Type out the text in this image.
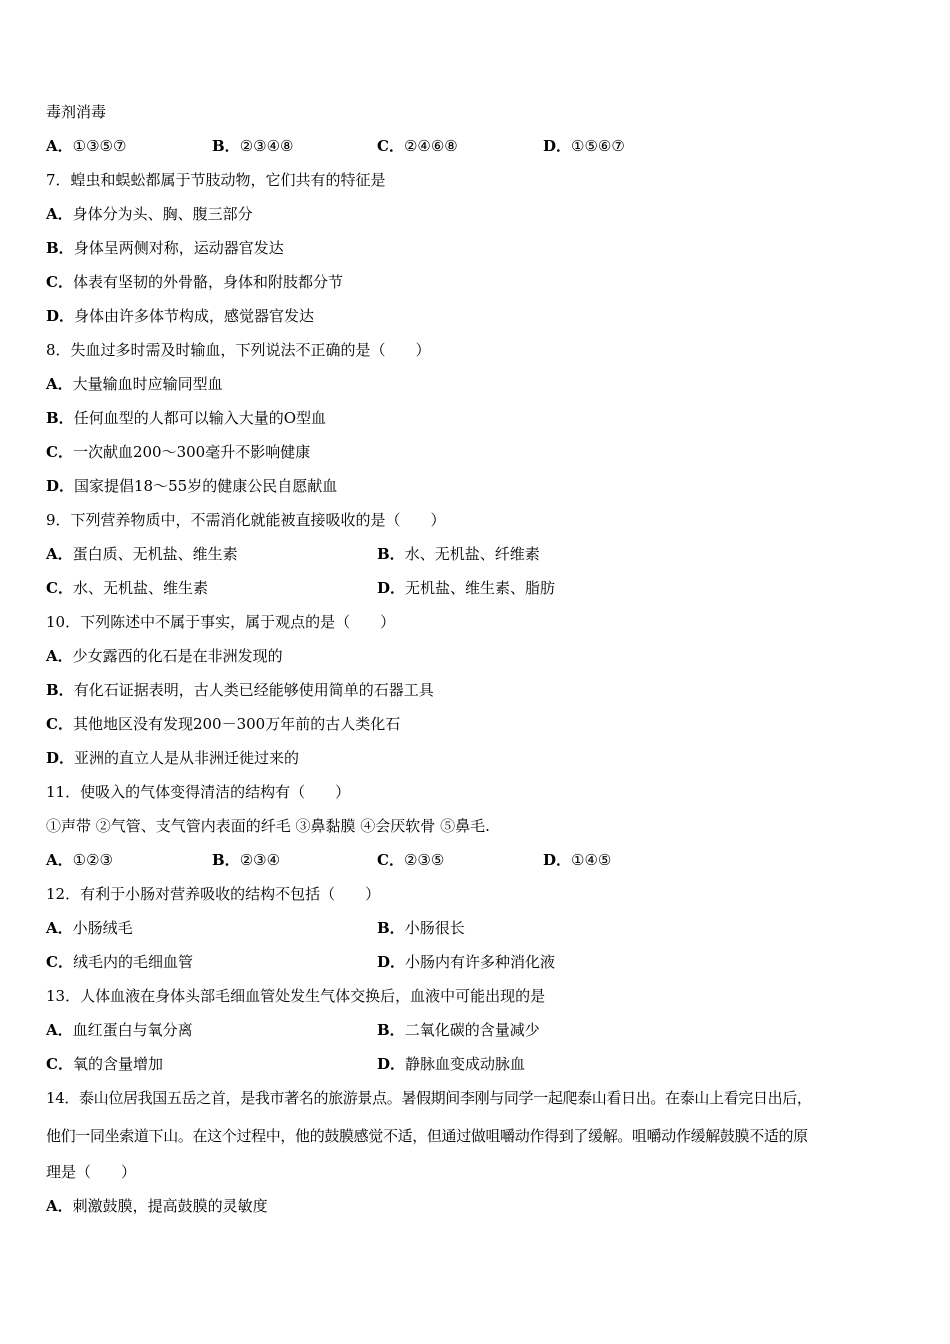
毒剂消毒
A．①③⑤⑦	B．②③④⑧	C．②④⑥⑧	D．①⑤⑥⑦
7．蝗虫和蜈蚣都属于节肢动物，它们共有的特征是
A．身体分为头、胸、腹三部分
B．身体呈两侧对称，运动器官发达
C．体表有坚韧的外骨骼，身体和附肢都分节
D．身体由许多体节构成，感觉器官发达
8．失血过多时需及时输血，下列说法不正确的是（　　）
A．大量输血时应输同型血
B．任何血型的人都可以输入大量的O型血
C．一次献血200～300毫升不影响健康
D．国家提倡18～55岁的健康公民自愿献血
9．下列营养物质中，不需消化就能被直接吸收的是（　　）
A．蛋白质、无机盐、维生素	B．水、无机盐、纤维素
C．水、无机盐、维生素	D．无机盐、维生素、脂肪
10．下列陈述中不属于事实，属于观点的是（　　）
A．少女露西的化石是在非洲发现的
B．有化石证据表明，古人类已经能够使用简单的石器工具
C．其他地区没有发现200－300万年前的古人类化石
D．亚洲的直立人是从非洲迁徙过来的
11．使吸入的气体变得清洁的结构有（　　）
①声带 ②气管、支气管内表面的纤毛 ③鼻黏膜 ④会厌软骨 ⑤鼻毛.
A．①②③	B．②③④	C．②③⑤	D．①④⑤
12．有利于小肠对营养吸收的结构不包括（　　）
A．小肠绒毛	B．小肠很长
C．绒毛内的毛细血管	D．小肠内有许多种消化液
13．人体血液在身体头部毛细血管处发生气体交换后，血液中可能出现的是
A．血红蛋白与氧分离	B．二氧化碳的含量减少
C．氧的含量增加	D．静脉血变成动脉血
14．泰山位居我国五岳之首，是我市著名的旅游景点。暑假期间李刚与同学一起爬泰山看日出。在泰山上看完日出后，
他们一同坐索道下山。在这个过程中，他的鼓膜感觉不适，但通过做咀嚼动作得到了缓解。咀嚼动作缓解鼓膜不适的原
理是（　　）
A．刺激鼓膜，提高鼓膜的灵敏度
